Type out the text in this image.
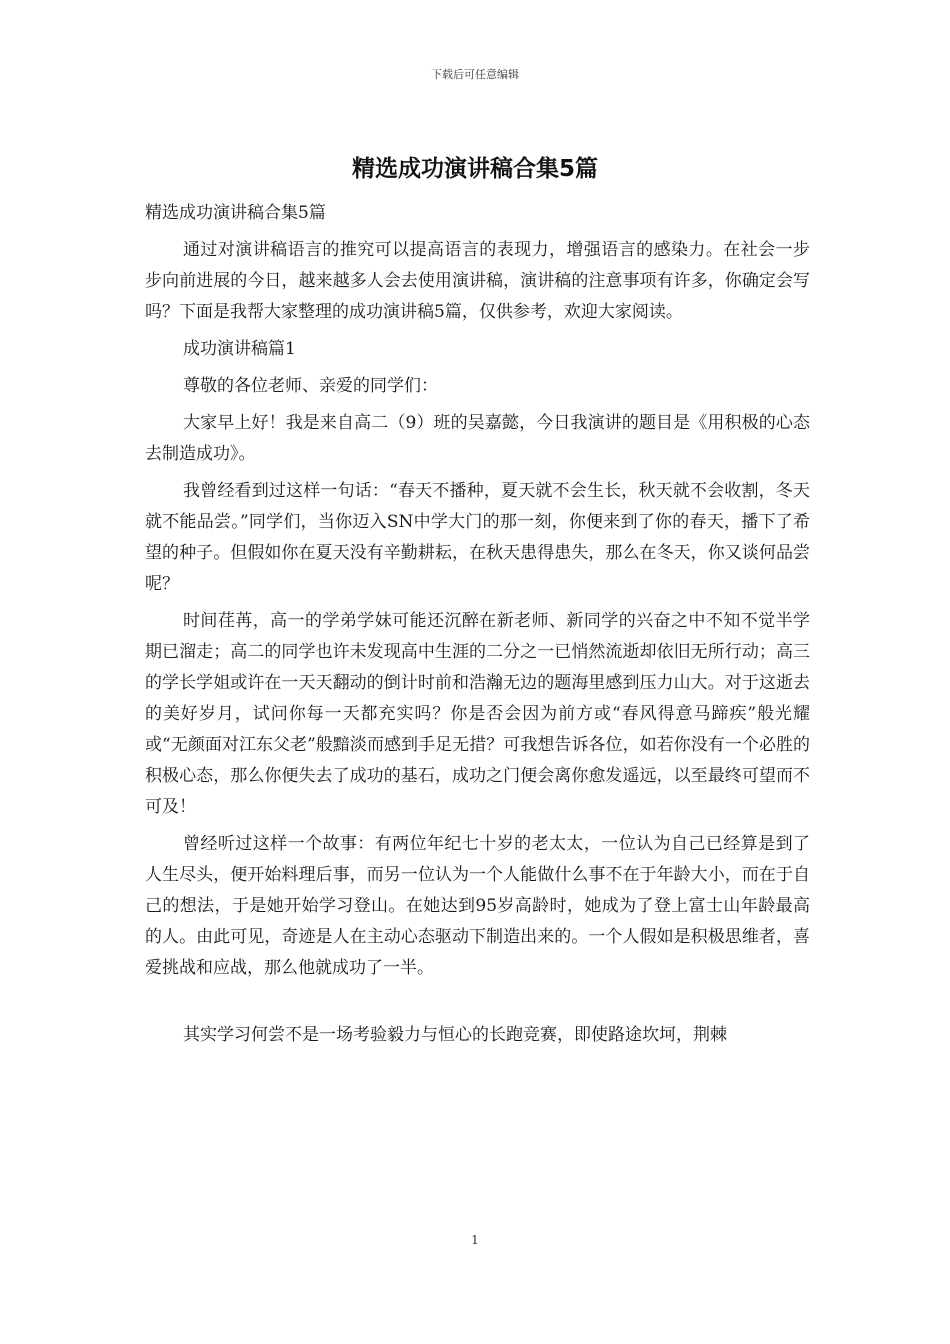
下载后可任意编辑
精选成功演讲稿合集5篇

精选成功演讲稿合集5篇

通过对演讲稿语言的推究可以提高语言的表现力，增强语言的感染力。在社会一步步向前进展的今日，越来越多人会去使用演讲稿，演讲稿的注意事项有许多，你确定会写吗？下面是我帮大家整理的成功演讲稿5篇，仅供参考，欢迎大家阅读。

成功演讲稿篇1

尊敬的各位老师、亲爱的同学们：

大家早上好！我是来自高二（9）班的吴嘉懿，今日我演讲的题目是《用积极的心态去制造成功》。

我曾经看到过这样一句话：“春天不播种，夏天就不会生长，秋天就不会收割，冬天就不能品尝。”同学们，当你迈入SN中学大门的那一刻，你便来到了你的春天，播下了希望的种子。但假如你在夏天没有辛勤耕耘，在秋天患得患失，那么在冬天，你又谈何品尝呢？

时间荏苒，高一的学弟学妹可能还沉醉在新老师、新同学的兴奋之中不知不觉半学期已溜走；高二的同学也许未发现高中生涯的二分之一已悄然流逝却依旧无所行动；高三的学长学姐或许在一天天翻动的倒计时前和浩瀚无边的题海里感到压力山大。对于这逝去的美好岁月，试问你每一天都充实吗？你是否会因为前方或“春风得意马蹄疾”般光耀或“无颜面对江东父老”般黯淡而感到手足无措？可我想告诉各位，如若你没有一个必胜的积极心态，那么你便失去了成功的基石，成功之门便会离你愈发遥远，以至最终可望而不可及！

曾经听过这样一个故事：有两位年纪七十岁的老太太，一位认为自己已经算是到了人生尽头，便开始料理后事，而另一位认为一个人能做什么事不在于年龄大小，而在于自己的想法，于是她开始学习登山。在她达到95岁高龄时，她成为了登上富士山年龄最高的人。由此可见，奇迹是人在主动心态驱动下制造出来的。一个人假如是积极思维者，喜爱挑战和应战，那么他就成功了一半。

其实学习何尝不是一场考验毅力与恒心的长跑竞赛，即使路途坎坷，荆棘

1
